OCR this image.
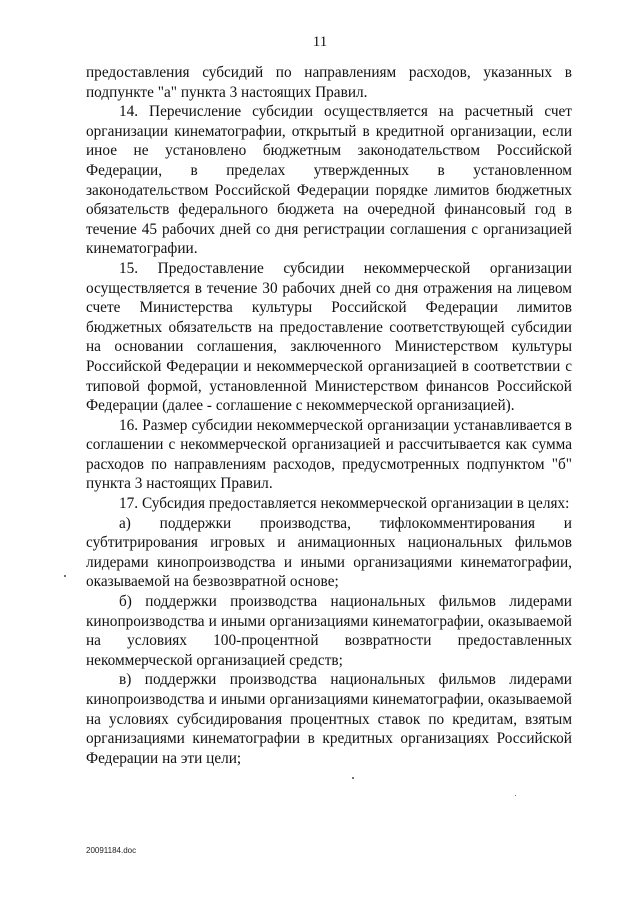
11

предоставления субсидий по направлениям расходов, указанных в подпункте "а" пункта 3 настоящих Правил.

14. Перечисление субсидии осуществляется на расчетный счет организации кинематографии, открытый в кредитной организации, если иное не установлено бюджетным законодательством Российской Федерации, в пределах утвержденных в установленном законодательством Российской Федерации порядке лимитов бюджетных обязательств федерального бюджета на очередной финансовый год в течение 45 рабочих дней со дня регистрации соглашения с организацией кинематографии.

15. Предоставление субсидии некоммерческой организации осуществляется в течение 30 рабочих дней со дня отражения на лицевом счете Министерства культуры Российской Федерации лимитов бюджетных обязательств на предоставление соответствующей субсидии на основании соглашения, заключенного Министерством культуры Российской Федерации и некоммерческой организацией в соответствии с типовой формой, установленной Министерством финансов Российской Федерации (далее - соглашение с некоммерческой организацией).

16. Размер субсидии некоммерческой организации устанавливается в соглашении с некоммерческой организацией и рассчитывается как сумма расходов по направлениям расходов, предусмотренных подпунктом "б" пункта 3 настоящих Правил.

17. Субсидия предоставляется некоммерческой организации в целях:

а) поддержки производства, тифлокомментирования и субтитрирования игровых и анимационных национальных фильмов лидерами кинопроизводства и иными организациями кинематографии, оказываемой на безвозвратной основе;

б) поддержки производства национальных фильмов лидерами кинопроизводства и иными организациями кинематографии, оказываемой на условиях 100-процентной возвратности предоставленных некоммерческой организацией средств;

в) поддержки производства национальных фильмов лидерами кинопроизводства и иными организациями кинематографии, оказываемой на условиях субсидирования процентных ставок по кредитам, взятым организациями кинематографии в кредитных организациях Российской Федерации на эти цели;

20091184.doc
